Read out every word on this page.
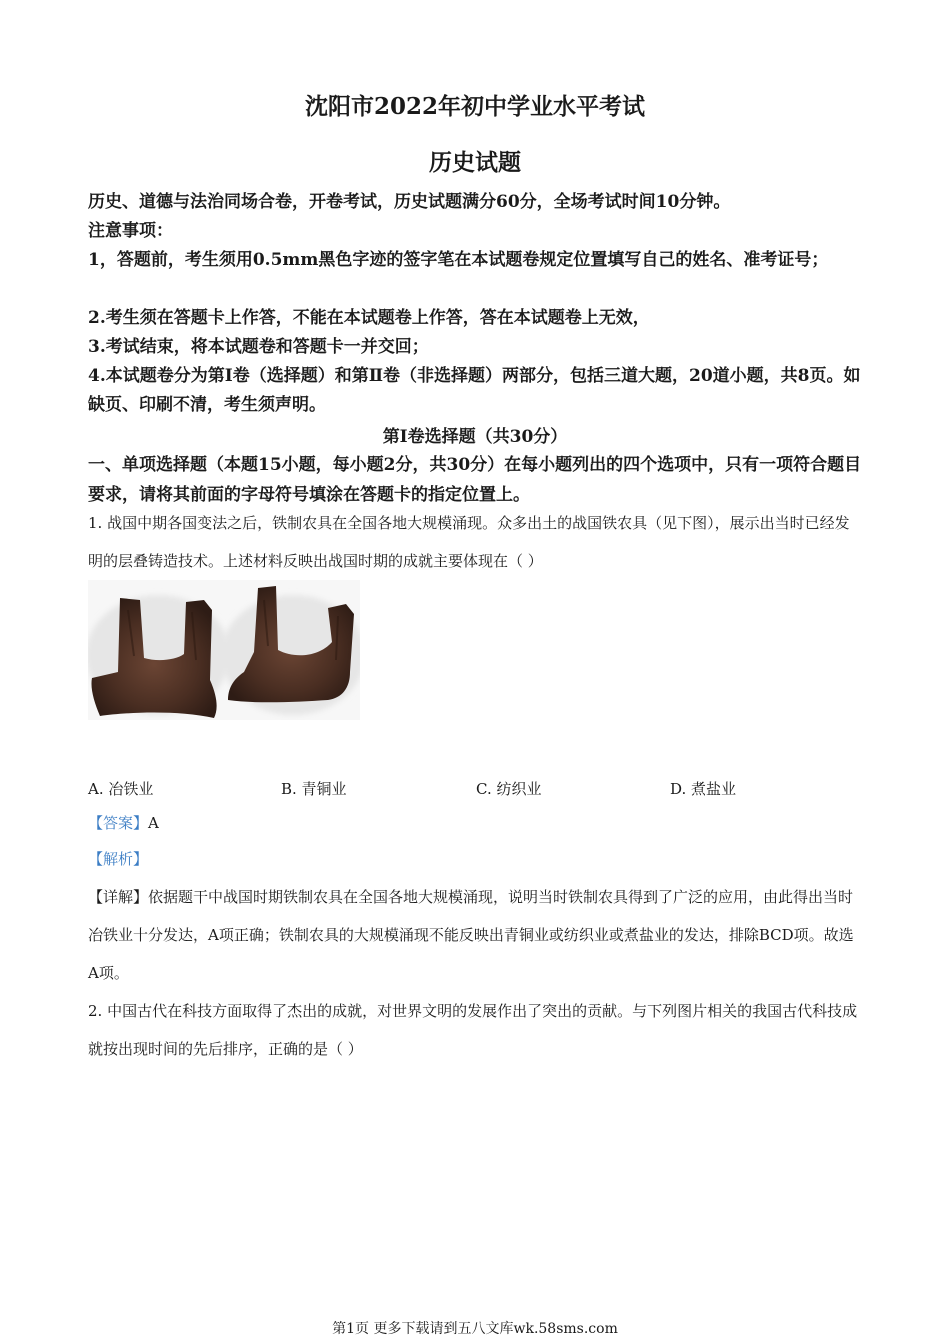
沈阳市2022年初中学业水平考试
历史试题
历史、道德与法治同场合卷，开卷考试，历史试题满分60分，全场考试时间10分钟。
注意事项：
1，答题前，考生须用0.5mm黑色字迹的签字笔在本试题卷规定位置填写自己的姓名、准考证号；
2.考生须在答题卡上作答，不能在本试题卷上作答，答在本试题卷上无效，
3.考试结束，将本试题卷和答题卡一并交回；
4.本试题卷分为第I卷（选择题）和第Ⅱ卷（非选择题）两部分，包括三道大题，20道小题，共8页。如缺页、印刷不清，考生须声明。
第I卷选择题（共30分）
一、单项选择题（本题15小题，每小题2分，共30分）在每小题列出的四个选项中，只有一项符合题目要求，请将其前面的字母符号填涂在答题卡的指定位置上。
1. 战国中期各国变法之后，铁制农具在全国各地大规模涌现。众多出土的战国铁农具（见下图），展示出当时已经发明的层叠铸造技术。上述材料反映出战国时期的成就主要体现在（ ）
A. 冶铁业	B. 青铜业	C. 纺织业	D. 煮盐业
【答案】A
【解析】
【详解】依据题干中战国时期铁制农具在全国各地大规模涌现，说明当时铁制农具得到了广泛的应用，由此得出当时冶铁业十分发达，A项正确；铁制农具的大规模涌现不能反映出青铜业或纺织业或煮盐业的发达，排除BCD项。故选A项。
2. 中国古代在科技方面取得了杰出的成就，对世界文明的发展作出了突出的贡献。与下列图片相关的我国古代科技成就按出现时间的先后排序，正确的是（ ）
第1页 更多下载请到五八文库wk.58sms.com
